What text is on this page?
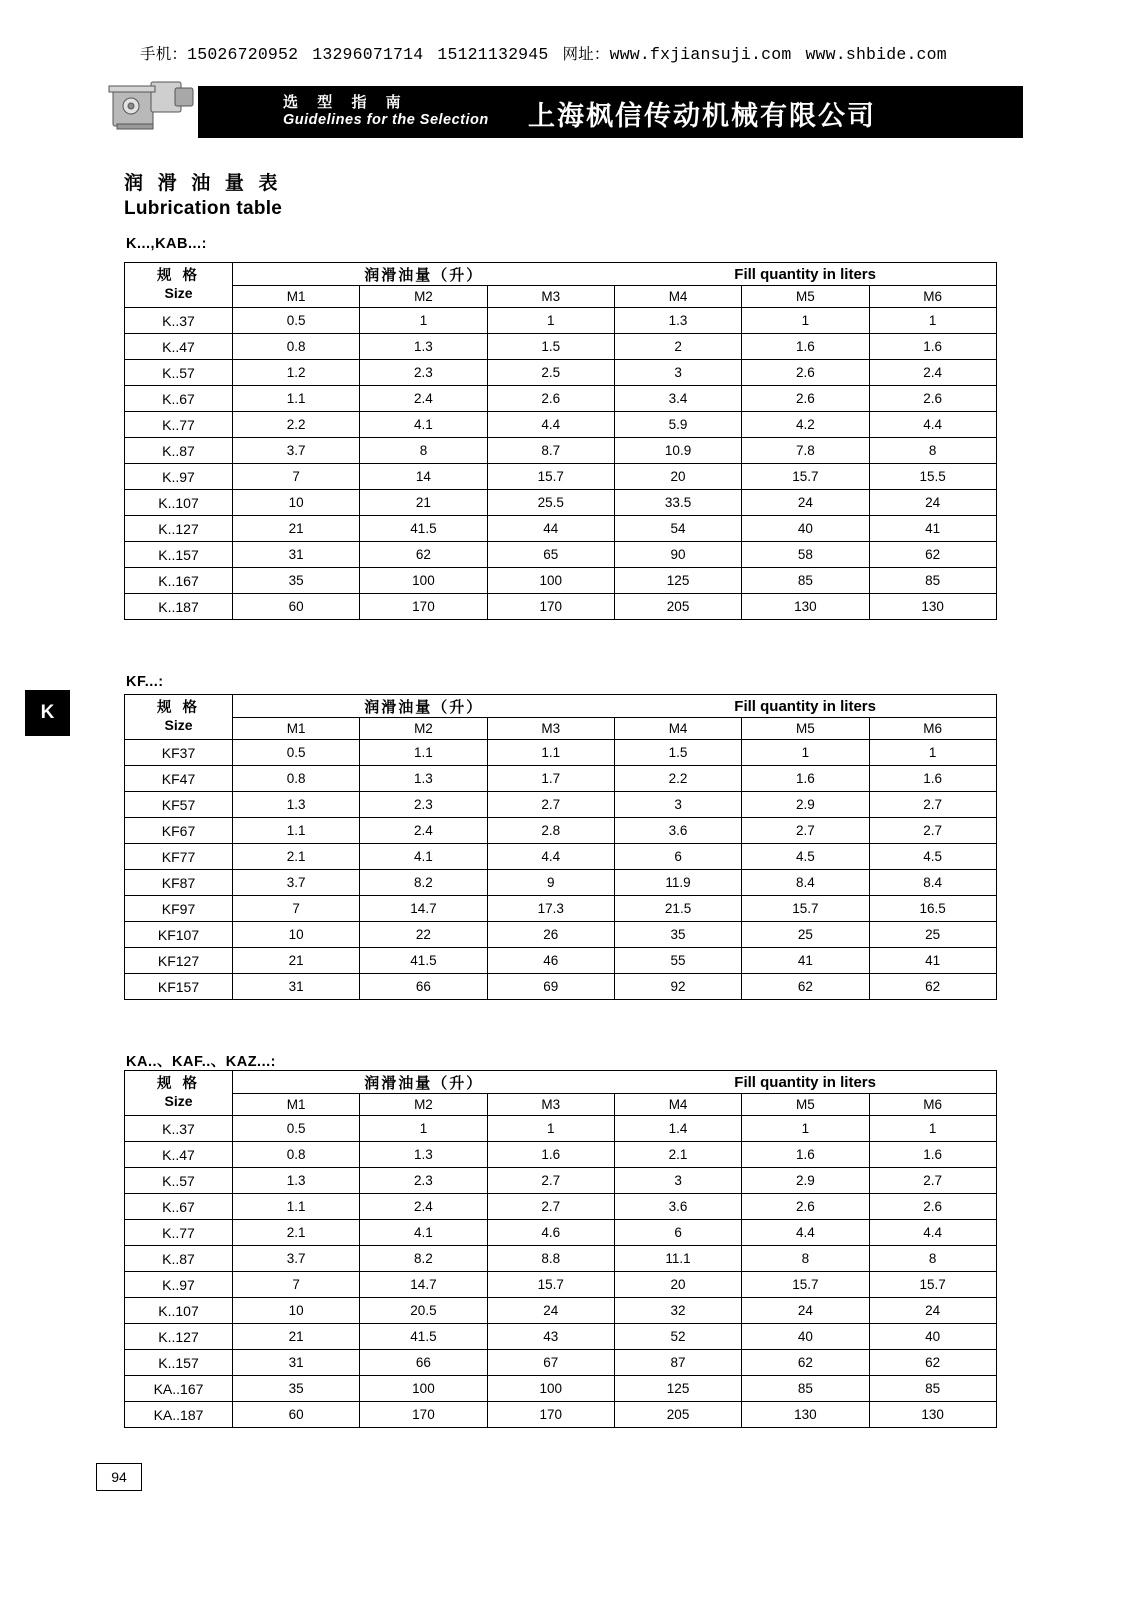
手机：15026720952 13296071714 15121132945 网址：www.fxjiansuji.com www.shbide.com
选 型 指 南
Guidelines for the Selection 上海枫信传动机械有限公司
润 滑 油 量 表
Lubrication table
K
K...,KAB...:
规 格
Size	润滑油量（升）			Fill quantity in liters		
	M1	M2	M3	M4	M5	M6
K..37	0.5	1	1	1.3	1	1
K..47	0.8	1.3	1.5	2	1.6	1.6
K..57	1.2	2.3	2.5	3	2.6	2.4
K..67	1.1	2.4	2.6	3.4	2.6	2.6
K..77	2.2	4.1	4.4	5.9	4.2	4.4
K..87	3.7	8	8.7	10.9	7.8	8
K..97	7	14	15.7	20	15.7	15.5
K..107	10	21	25.5	33.5	24	24
K..127	21	41.5	44	54	40	41
K..157	31	62	65	90	58	62
K..167	35	100	100	125	85	85
K..187	60	170	170	205	130	130
KF...:
规 格
Size	润滑油量（升）			Fill quantity in liters		
	M1	M2	M3	M4	M5	M6
KF37	0.5	1.1	1.1	1.5	1	1
KF47	0.8	1.3	1.7	2.2	1.6	1.6
KF57	1.3	2.3	2.7	3	2.9	2.7
KF67	1.1	2.4	2.8	3.6	2.7	2.7
KF77	2.1	4.1	4.4	6	4.5	4.5
KF87	3.7	8.2	9	11.9	8.4	8.4
KF97	7	14.7	17.3	21.5	15.7	16.5
KF107	10	22	26	35	25	25
KF127	21	41.5	46	55	41	41
KF157	31	66	69	92	62	62
KA..、KAF..、KAZ...:
规 格
Size	润滑油量（升）			Fill quantity in liters		
	M1	M2	M3	M4	M5	M6
K..37	0.5	1	1	1.4	1	1
K..47	0.8	1.3	1.6	2.1	1.6	1.6
K..57	1.3	2.3	2.7	3	2.9	2.7
K..67	1.1	2.4	2.7	3.6	2.6	2.6
K..77	2.1	4.1	4.6	6	4.4	4.4
K..87	3.7	8.2	8.8	11.1	8	8
K..97	7	14.7	15.7	20	15.7	15.7
K..107	10	20.5	24	32	24	24
K..127	21	41.5	43	52	40	40
K..157	31	66	67	87	62	62
KA..167	35	100	100	125	85	85
KA..187	60	170	170	205	130	130
94
